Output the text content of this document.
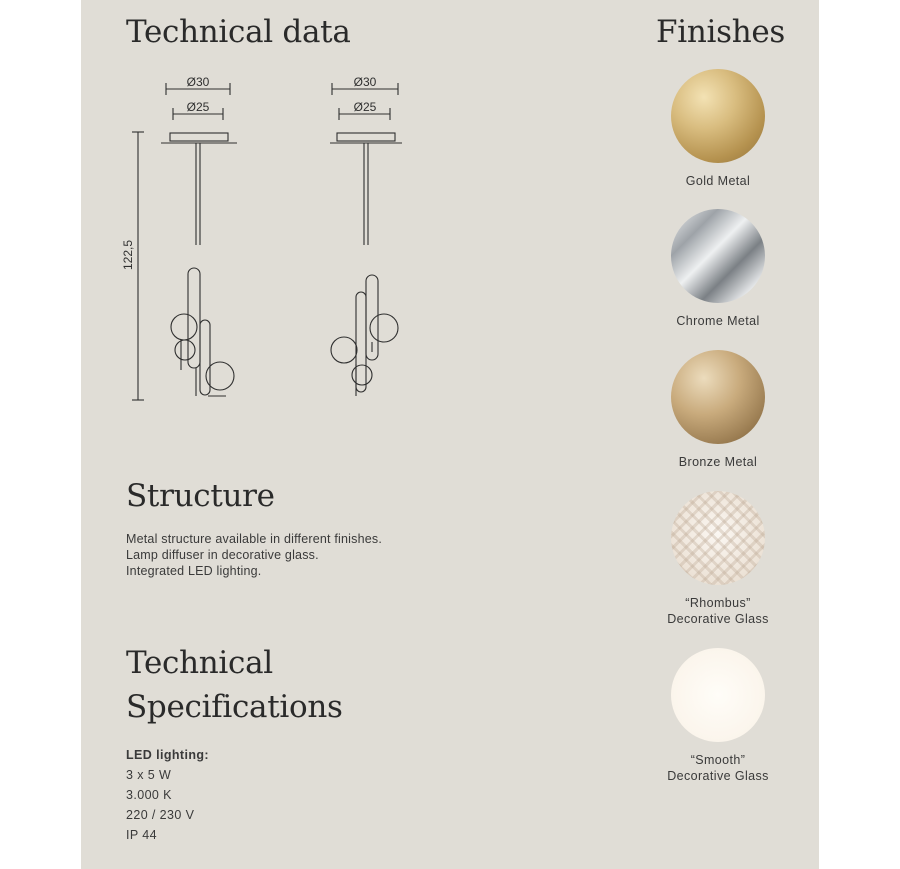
Technical data	Finishes
Ø30
Ø25
Ø30
Ø25
122,5
Structure
Metal structure available in different finishes.
Lamp diffuser in decorative glass.
Integrated LED lighting.
Technical
Specifications
LED lighting:
3 x 5 W
3.000 K
220 / 230 V
IP 44
Gold Metal
Chrome Metal
Bronze Metal
“Rhombus”
Decorative Glass
“Smooth”
Decorative Glass
